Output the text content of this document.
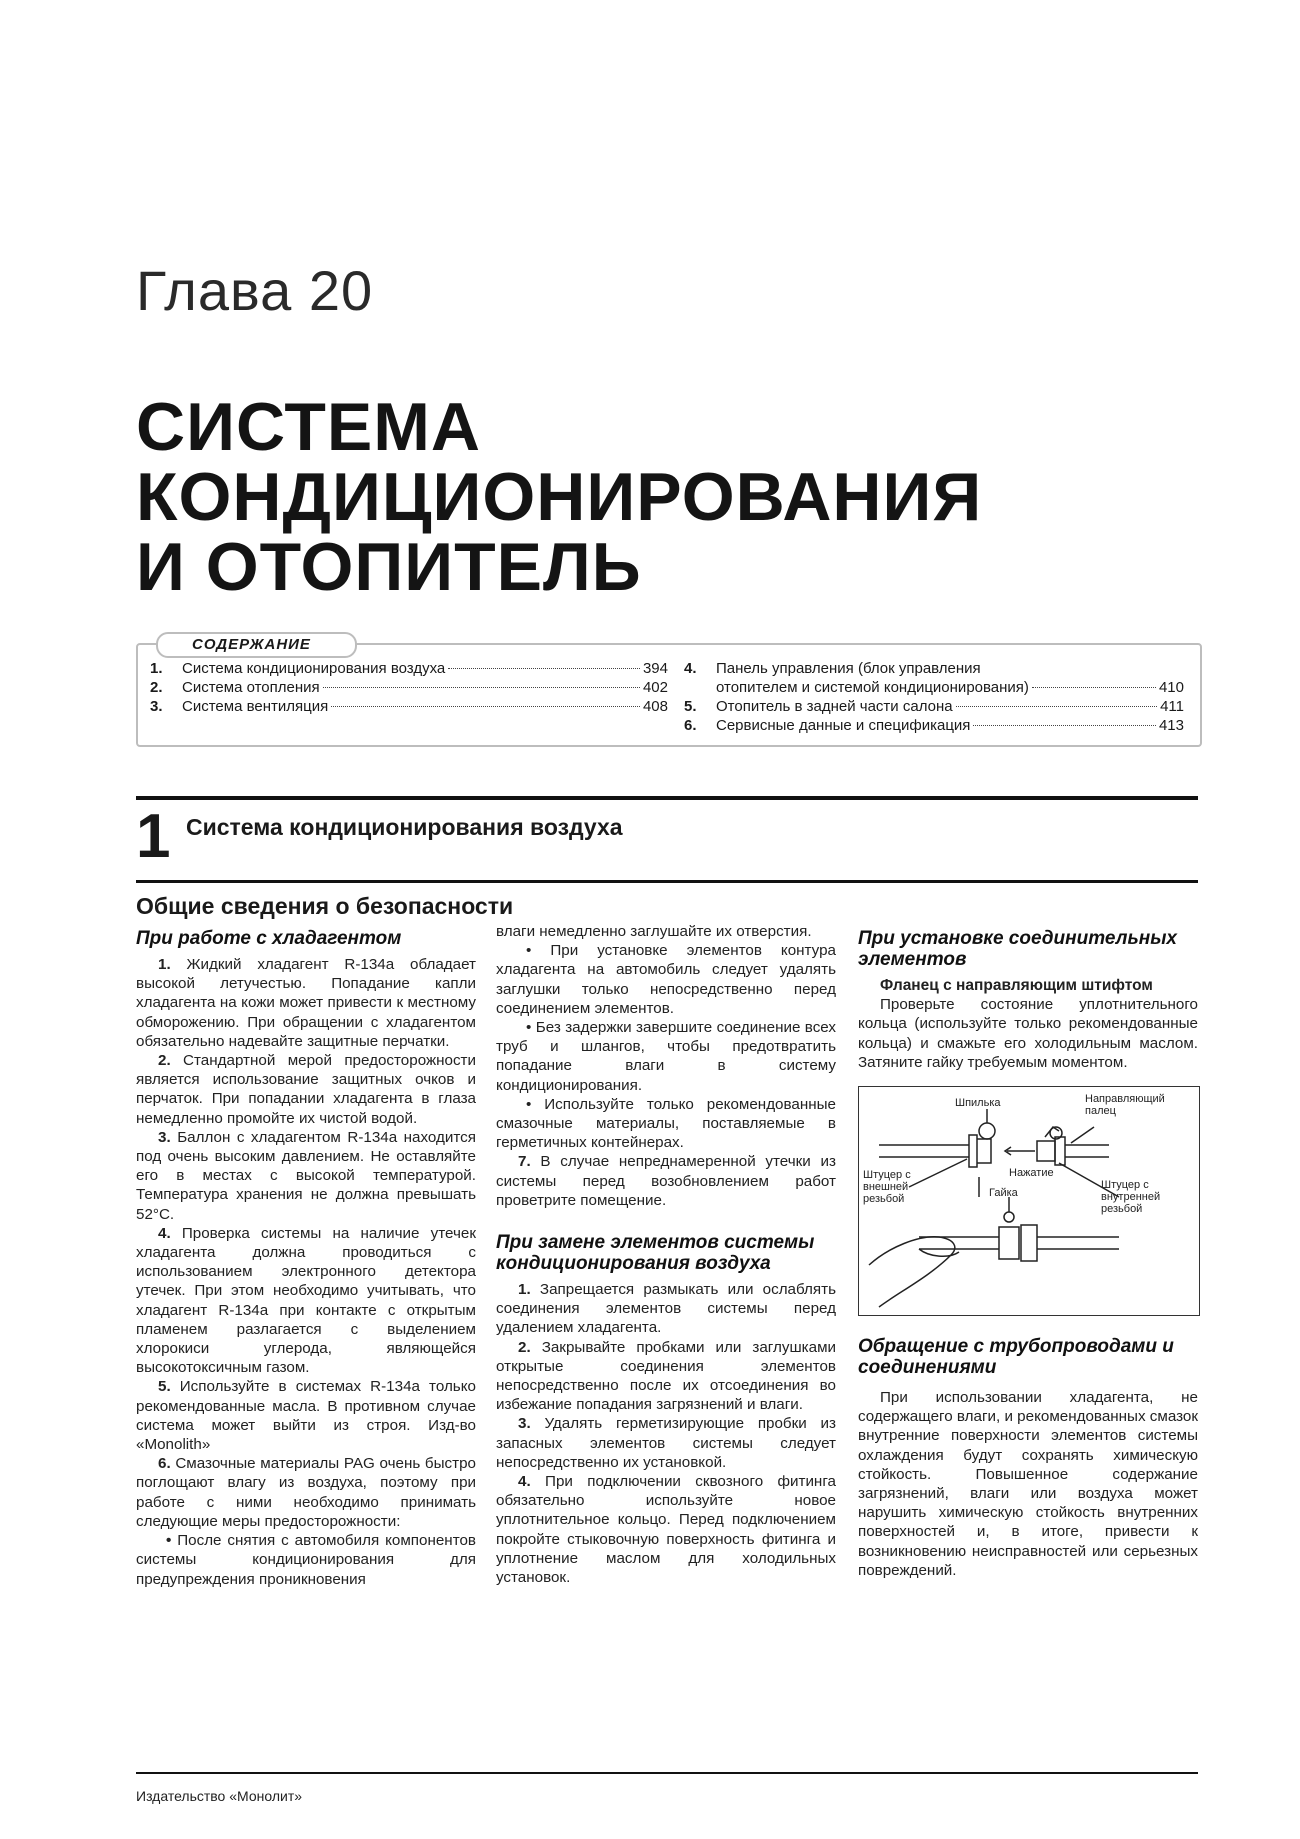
Глава 20
СИСТЕМА
КОНДИЦИОНИРОВАНИЯ
И ОТОПИТЕЛЬ
СОДЕРЖАНИЕ
1.	Система кондиционирования воздуха	394
2.	Система отопления	402
3.	Система вентиляция	408
4.	Панель управления (блок управления
отопителем и системой кондиционирования)	410
5.	Отопитель в задней части салона	411
6.	Сервисные данные и спецификация	413
1 Система кондиционирования воздуха
Общие сведения о безопасности
При работе с хладагентом

1. Жидкий хладагент R-134a обладает высокой летучестью. Попадание капли хладагента на кожи может привести к местному обморожению. При обращении с хладагентом обязательно надевайте защитные перчатки.

2. Стандартной мерой предосторожности является использование защитных очков и перчаток. При попадании хладагента в глаза немедленно промойте их чистой водой.

3. Баллон с хладагентом R-134a находится под очень высоким давлением. Не оставляйте его в местах с высокой температурой. Температура хранения не должна превышать 52°С.

4. Проверка системы на наличие утечек хладагента должна проводиться с использованием электронного детектора утечек. При этом необходимо учитывать, что хладагент R-134a при контакте с открытым пламенем разлагается с выделением хлорокиси углерода, являющейся высокотоксичным газом.

5. Используйте в системах R-134a только рекомендованные масла. В противном случае система может выйти из строя. Изд-во «Monolith»

6. Смазочные материалы PAG очень быстро поглощают влагу из воздуха, поэтому при работе с ними необходимо принимать следующие меры предосторожности:

• После снятия с автомобиля компонентов системы кондиционирования для предупреждения проникновения

влаги немедленно заглушайте их отверстия.

• При установке элементов контура хладагента на автомобиль следует удалять заглушки только непосредственно перед соединением элементов.

• Без задержки завершите соединение всех труб и шлангов, чтобы предотвратить попадание влаги в систему кондиционирования.

• Используйте только рекомендованные смазочные материалы, поставляемые в герметичных контейнерах.

7. В случае непреднамеренной утечки из системы перед возобновлением работ проветрите помещение.

При замене элементов системы кондиционирования воздуха

1. Запрещается размыкать или ослаблять соединения элементов системы перед удалением хладагента.

2. Закрывайте пробками или заглушками открытые соединения элементов непосредственно после их отсоединения во избежание попадания загрязнений и влаги.

3. Удалять герметизирующие пробки из запасных элементов системы следует непосредственно их установкой.

4. При подключении сквозного фитинга обязательно используйте новое уплотнительное кольцо. Перед подключением покройте стыковочную поверхность фитинга и уплотнение маслом для холодильных установок.

При установке соединительных элементов
Фланец с направляющим штифтом

Проверьте состояние уплотнительного кольца (используйте только рекомендованные кольца) и смажьте его холодильным маслом. Затяните гайку требуемым моментом.

Шпилька	Направляющий палец
Штуцер с внешней резьбой
Нажатие
Штуцер с внутренней резьбой
Гайка
Обращение с трубопроводами и соединениями

При использовании хладагента, не содержащего влаги, и рекомендованных смазок внутренние поверхности элементов системы охлаждения будут сохранять химическую стойкость. Повышенное содержание загрязнений, влаги или воздуха может нарушить химическую стойкость внутренних поверхностей и, в итоге, привести к возникновению неисправностей или серьезных повреждений.

Издательство «Монолит»
